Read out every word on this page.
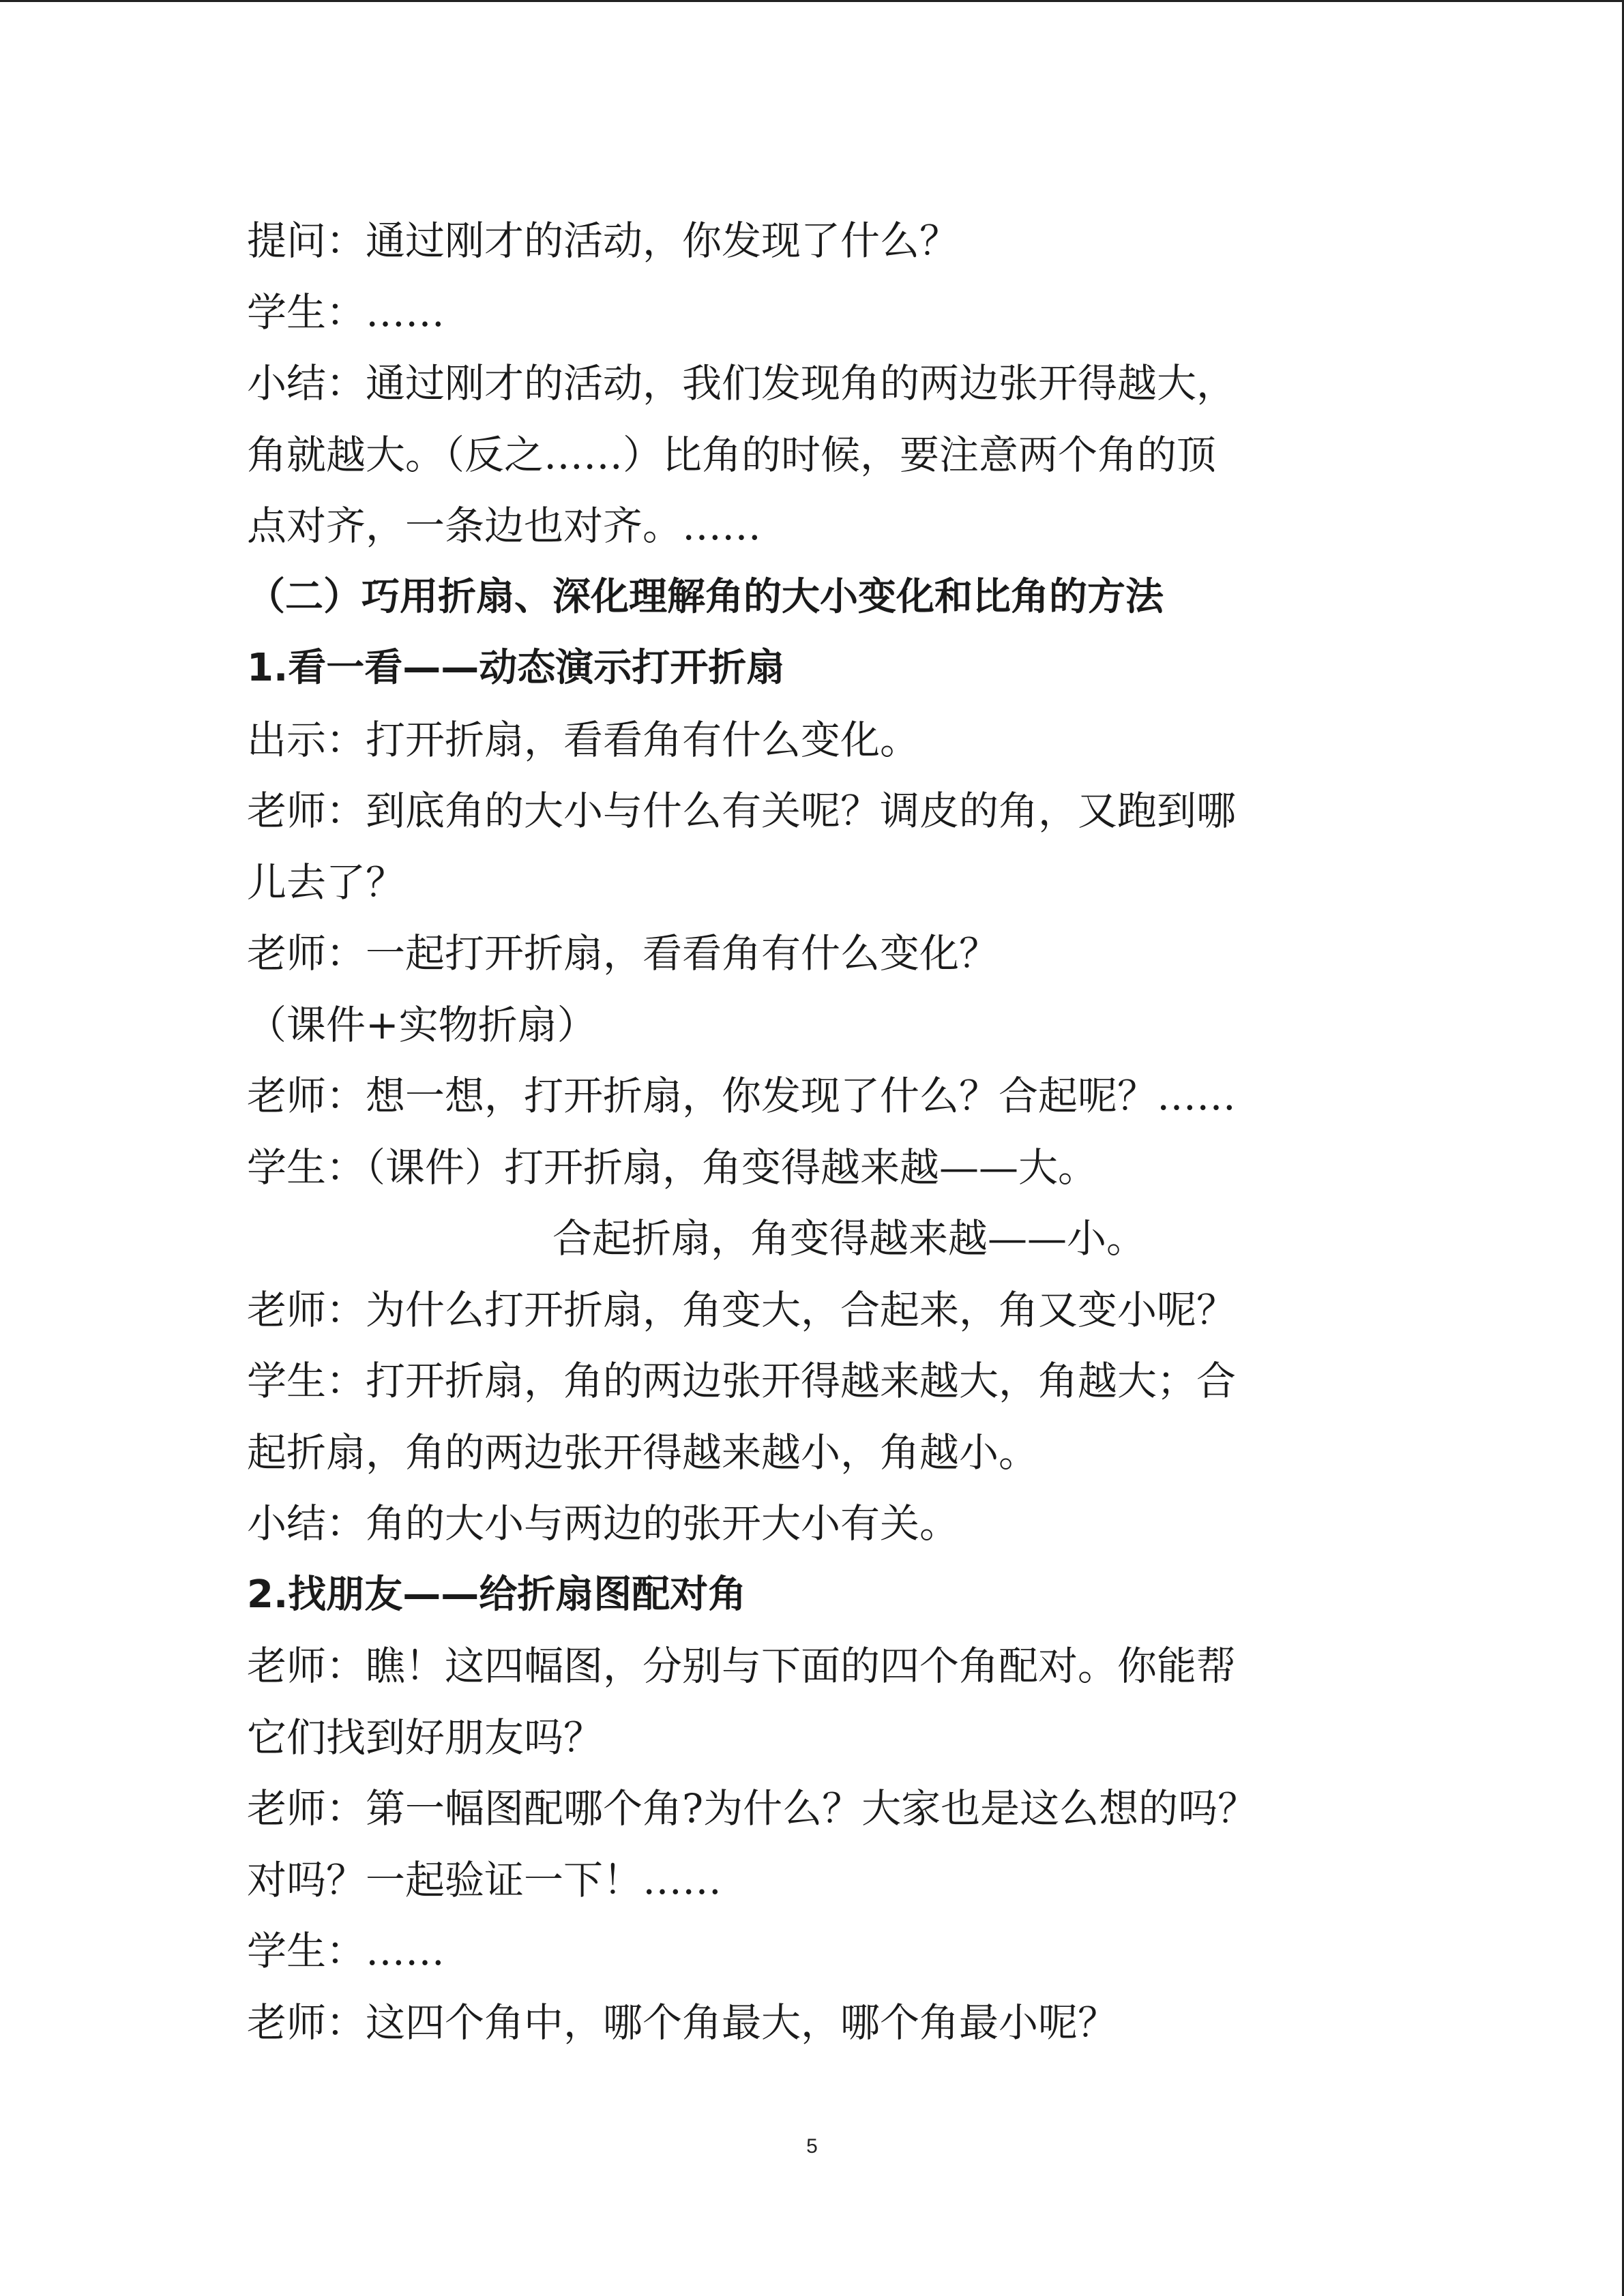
提问：通过刚才的活动，你发现了什么？
学生：……
小结：通过刚才的活动，我们发现角的两边张开得越大，
角就越大。（反之……）比角的时候，要注意两个角的顶
点对齐，一条边也对齐。……
（二）巧用折扇、深化理解角的大小变化和比角的方法
1.看一看——动态演示打开折扇
出示：打开折扇，看看角有什么变化。
老师：到底角的大小与什么有关呢？调皮的角，又跑到哪
儿去了？
老师：一起打开折扇，看看角有什么变化？
（课件+实物折扇）
老师：想一想，打开折扇，你发现了什么？合起呢？……
学生：（课件）打开折扇，角变得越来越——大。
合起折扇，角变得越来越——小。
老师：为什么打开折扇，角变大，合起来，角又变小呢？
学生：打开折扇，角的两边张开得越来越大，角越大；合
起折扇，角的两边张开得越来越小，角越小。
小结：角的大小与两边的张开大小有关。
2.找朋友——给折扇图配对角
老师：瞧！这四幅图，分别与下面的四个角配对。你能帮
它们找到好朋友吗？
老师：第一幅图配哪个角?为什么？大家也是这么想的吗？
对吗？一起验证一下！……
学生：……
老师：这四个角中，哪个角最大，哪个角最小呢？
5
